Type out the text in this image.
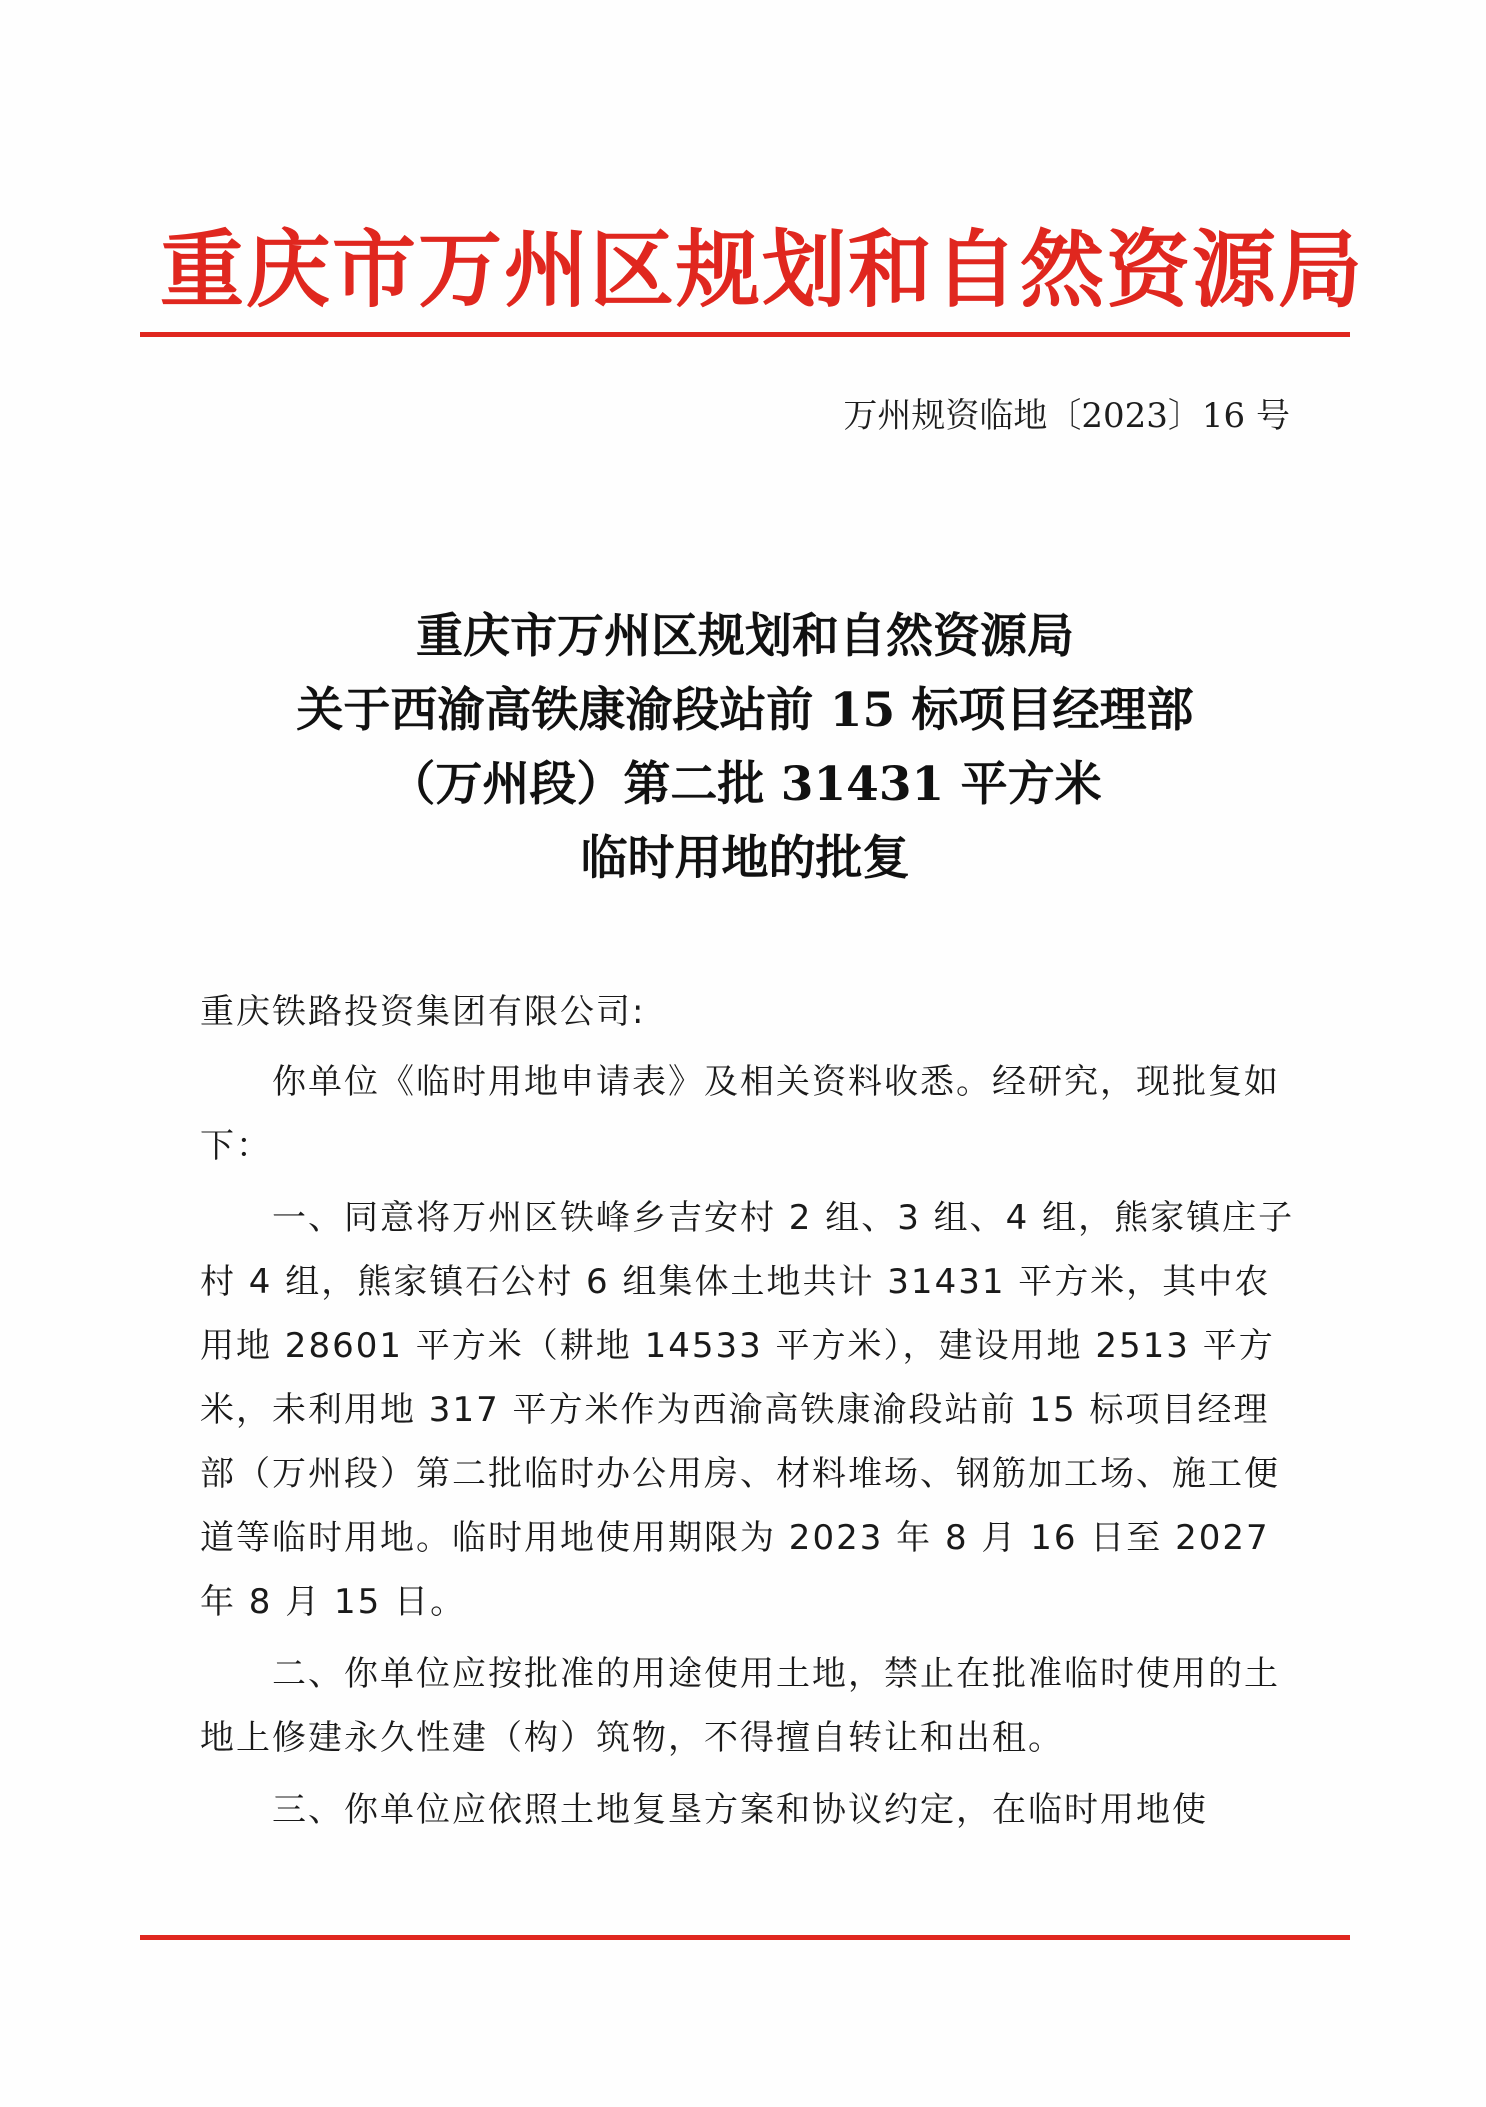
重庆市万州区规划和自然资源局
万州规资临地〔2023〕16 号
重庆市万州区规划和自然资源局
关于西渝高铁康渝段站前 15 标项目经理部
（万州段）第二批 31431 平方米
临时用地的批复

重庆铁路投资集团有限公司:

你单位《临时用地申请表》及相关资料收悉。经研究，现批复如下：

一、同意将万州区铁峰乡吉安村 2 组、3 组、4 组，熊家镇庄子村 4 组，熊家镇石公村 6 组集体土地共计 31431 平方米，其中农用地 28601 平方米（耕地 14533 平方米），建设用地 2513 平方米，未利用地 317 平方米作为西渝高铁康渝段站前 15 标项目经理部（万州段）第二批临时办公用房、材料堆场、钢筋加工场、施工便道等临时用地。临时用地使用期限为 2023 年 8 月 16 日至 2027 年 8 月 15 日。

二、你单位应按批准的用途使用土地，禁止在批准临时使用的土地上修建永久性建（构）筑物，不得擅自转让和出租。

三、你单位应依照土地复垦方案和协议约定，在临时用地使
